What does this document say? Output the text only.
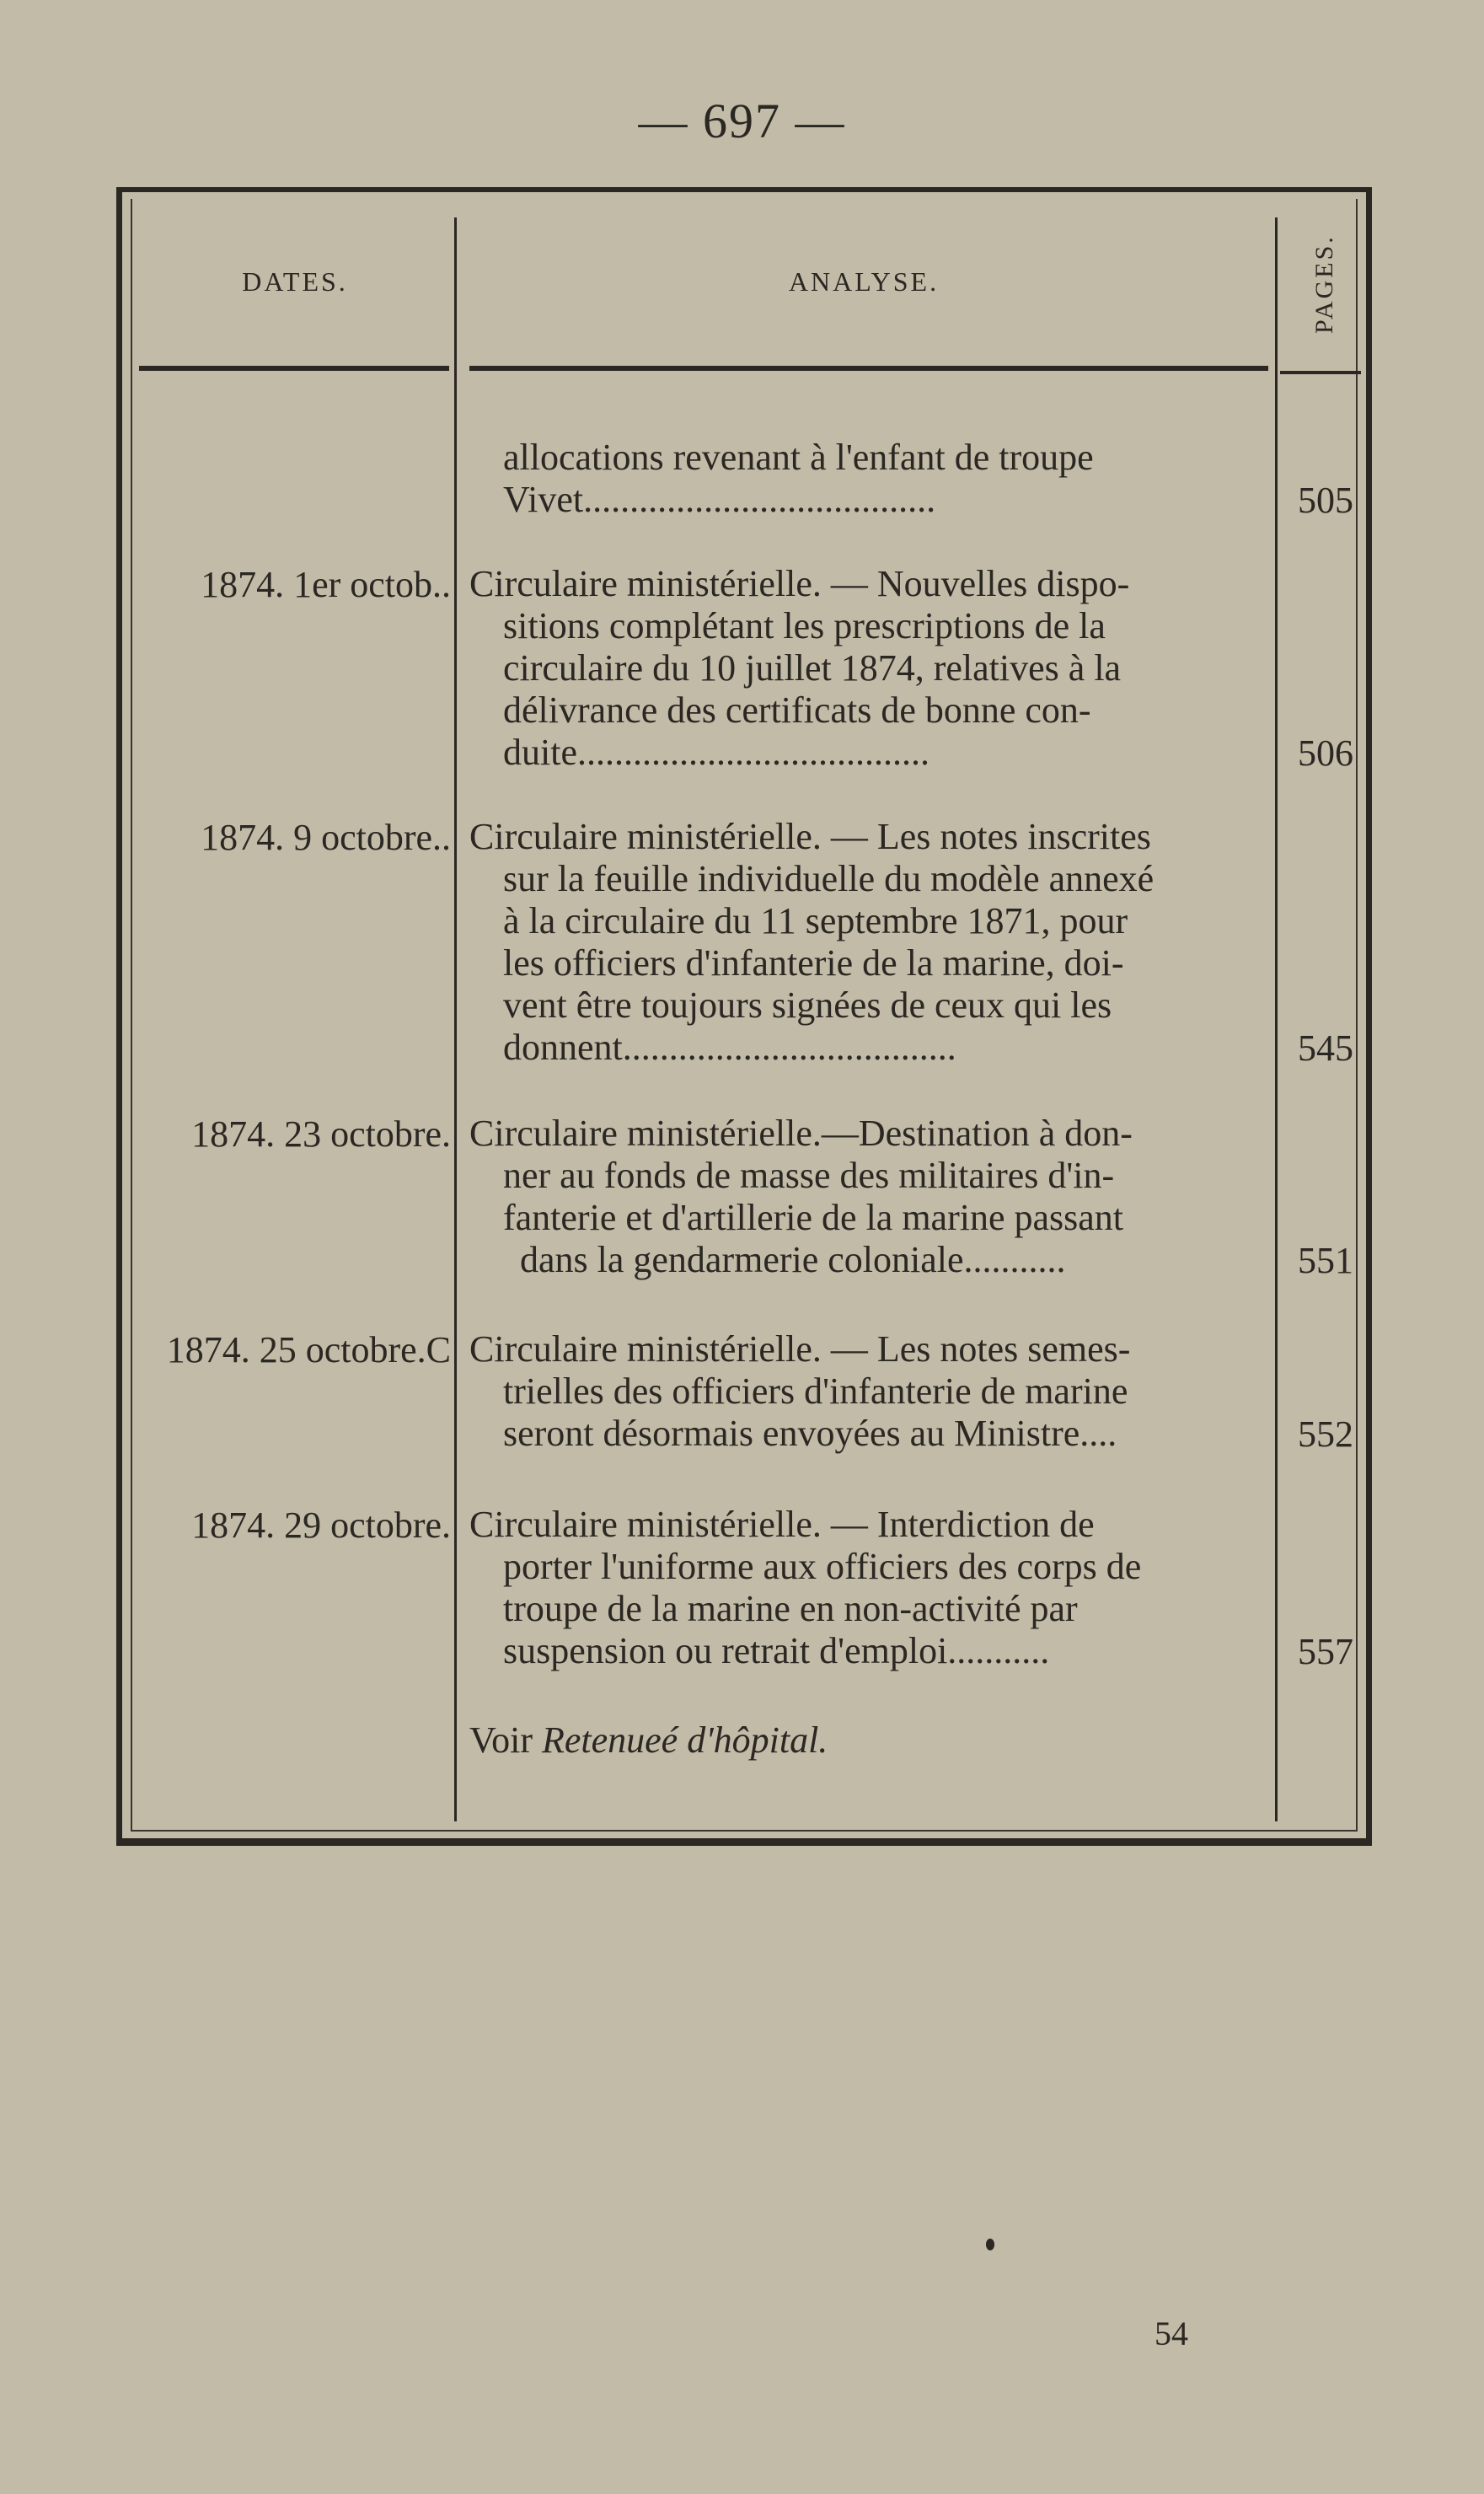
— 697 —
DATES.	ANALYSE.	PAGES.
allocations revenant à l'enfant de troupe
Vivet......................................	505
1874. 1er octob.. Circulaire ministérielle. — Nouvelles dispo-
sitions complétant les prescriptions de la
circulaire du 10 juillet 1874, relatives à la
délivrance des certificats de bonne con-
duite......................................	506
1874. 9 octobre.. Circulaire ministérielle. — Les notes inscrites
sur la feuille individuelle du modèle annexé
à la circulaire du 11 septembre 1871, pour
les officiers d'infanterie de la marine, doi-
vent être toujours signées de ceux qui les
donnent....................................	545
1874. 23 octobre. Circulaire ministérielle.—Destination à don-
ner au fonds de masse des militaires d'in-
fanterie et d'artillerie de la marine passant
dans la gendarmerie coloniale...........	551
1874. 25 octobre.C Circulaire ministérielle. — Les notes semes-
trielles des officiers d'infanterie de marine
seront désormais envoyées au Ministre....	552
1874. 29 octobre. Circulaire ministérielle. — Interdiction de
porter l'uniforme aux officiers des corps de
troupe de la marine en non-activité par
suspension ou retrait d'emploi...........	557
Voir Retenueé d'hôpital.
54
